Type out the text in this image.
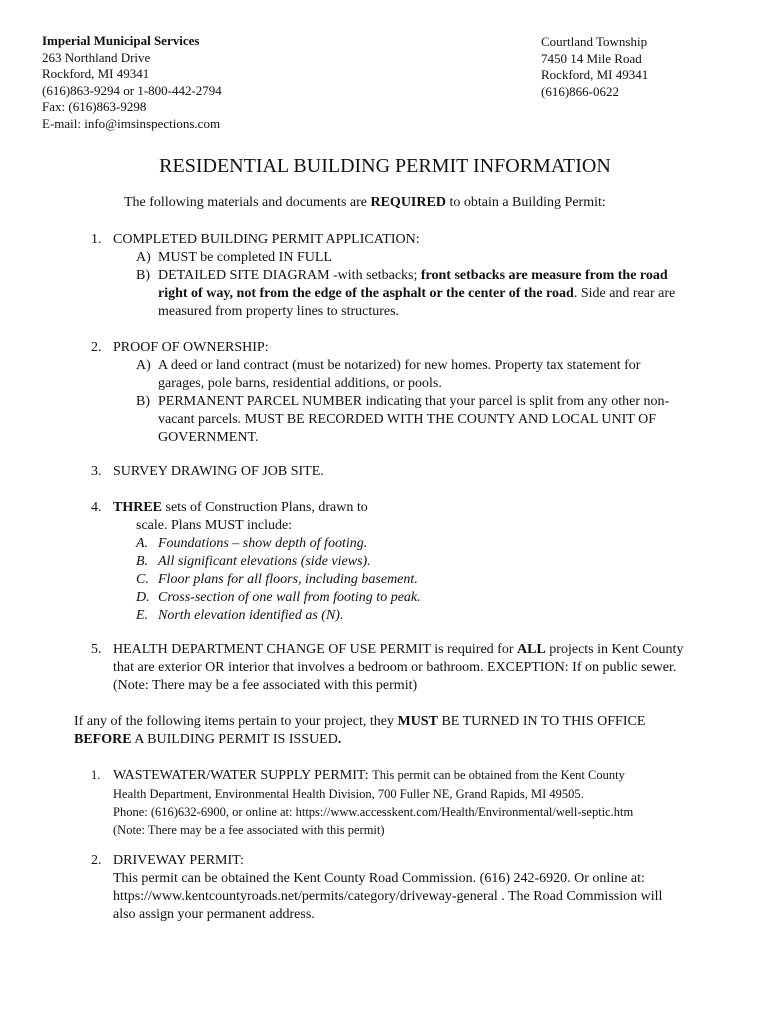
Imperial Municipal Services
263 Northland Drive
Rockford, MI 49341
(616)863-9294 or 1-800-442-2794
Fax: (616)863-9298
E-mail: info@imsinspections.com
Courtland Township
7450 14 Mile Road
Rockford, MI 49341
(616)866-0622
RESIDENTIAL BUILDING PERMIT INFORMATION
The following materials and documents are REQUIRED to obtain a Building Permit:
1. COMPLETED BUILDING PERMIT APPLICATION:
A) MUST be completed IN FULL
B) DETAILED SITE DIAGRAM -with setbacks; front setbacks are measure from the road
right of way, not from the edge of the asphalt or the center of the road. Side and rear are
measured from property lines to structures.
2. PROOF OF OWNERSHIP:
A) A deed or land contract (must be notarized) for new homes. Property tax statement for
garages, pole barns, residential additions, or pools.
B) PERMANENT PARCEL NUMBER indicating that your parcel is split from any other non-
vacant parcels. MUST BE RECORDED WITH THE COUNTY AND LOCAL UNIT OF
GOVERNMENT.
3. SURVEY DRAWING OF JOB SITE.
4. THREE sets of Construction Plans, drawn to
scale. Plans MUST include:
A. Foundations – show depth of footing.
B. All significant elevations (side views).
C. Floor plans for all floors, including basement.
D. Cross-section of one wall from footing to peak.
E. North elevation identified as (N).
5. HEALTH DEPARTMENT CHANGE OF USE PERMIT is required for ALL projects in Kent County
that are exterior OR interior that involves a bedroom or bathroom. EXCEPTION: If on public sewer.
(Note: There may be a fee associated with this permit)
If any of the following items pertain to your project, they MUST BE TURNED IN TO THIS OFFICE
BEFORE A BUILDING PERMIT IS ISSUED.
1. WASTEWATER/WATER SUPPLY PERMIT: This permit can be obtained from the Kent County
Health Department, Environmental Health Division, 700 Fuller NE, Grand Rapids, MI 49505.
Phone: (616)632-6900, or online at: https://www.accesskent.com/Health/Environmental/well-septic.htm
(Note: There may be a fee associated with this permit)
2. DRIVEWAY PERMIT:
This permit can be obtained the Kent County Road Commission. (616) 242-6920. Or online at:
https://www.kentcountyroads.net/permits/category/driveway-general . The Road Commission will
also assign your permanent address.
